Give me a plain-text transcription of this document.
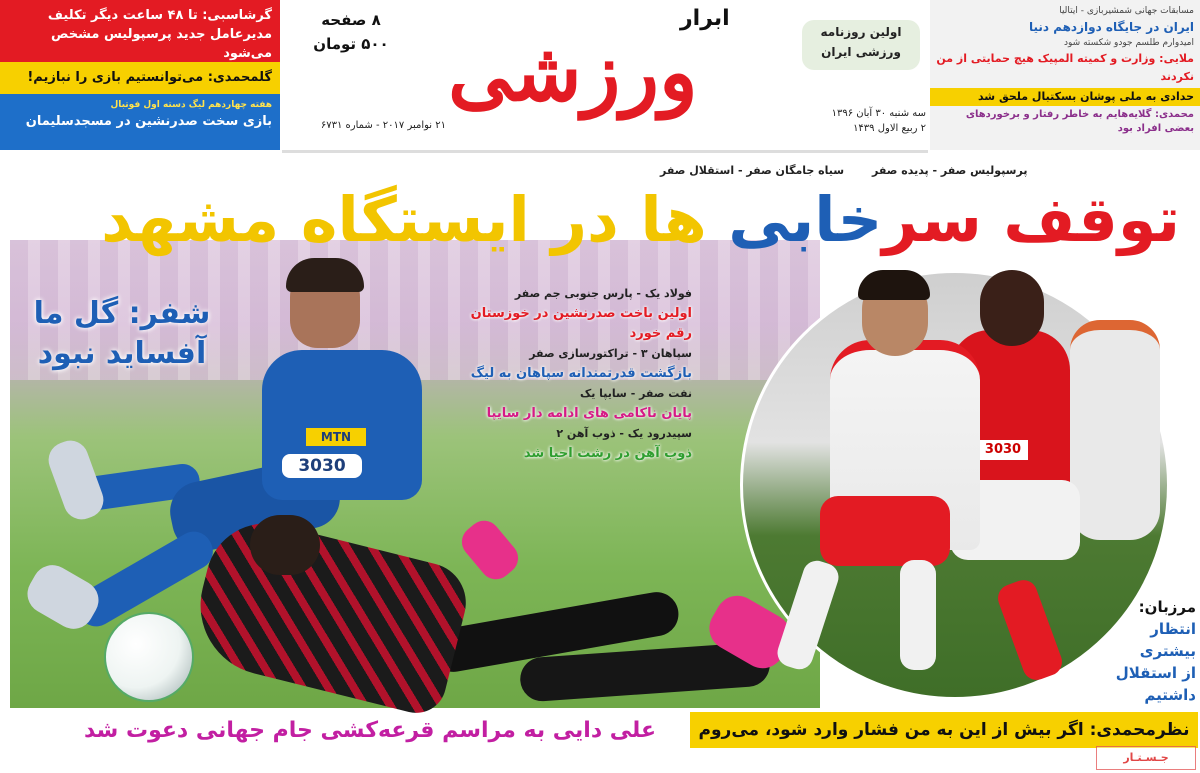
گرشاسبی: تا ۴۸ ساعت دیگر تکلیف مدیرعامل جدید پرسپولیس مشخص می‌شود
گلمحمدی: می‌توانستیم بازی را نبازیم!
هفته چهاردهم لیگ دسته اول فوتبال
بازی سخت صدرنشین در مسجدسلیمان
۸ صفحه
۵۰۰ تومان
ابرار
ورزشی	اولین روزنامه
ورزشی ایران
سه شنبه ۳۰ آبان ۱۳۹۶
۲ ربیع الاول ۱۴۳۹
۲۱ نوامبر ۲۰۱۷ - شماره ۶۷۳۱
مسابقات جهانی شمشیربازی - ایتالیا
ایران در جایگاه دوازدهم دنیا
امیدوارم طلسم جودو شکسته شود
ملایی: وزارت و کمیته المپیک هیچ حمایتی از من نکردند
حدادی به ملی پوشان بسکتبال ملحق شد
محمدی: گلایه‌هایم به خاطر رفتار و برخوردهای بعضی افراد بود
پرسپولیس صفر - پدیده صفر
سیاه جامگان صفر - استقلال صفر
MTN
3030
3030
توقف سرخابی ها در ایستگاه مشهد
شفر: گل ما
آفساید نبود
فولاد یک - پارس جنوبی جم صفر
اولین باخت صدرنشین در خوزستان رقم خورد
سپاهان ۳ - تراکتورسازی صفر
بازگشت قدرتمندانه سپاهان به لیگ
نفت صفر - سایپا یک
پایان ناکامی های ادامه دار سایپا
سپیدرود یک - ذوب آهن ۲
ذوب آهن در رشت احیا شد
مرزبان:
انتظار بیشتری
از استقلال
داشتیم
علی دایی به مراسم قرعه‌کشی جام جهانی دعوت شد	نظرمحمدی: اگر بیش از این به من فشار وارد شود، می‌روم
جـسـتـار
